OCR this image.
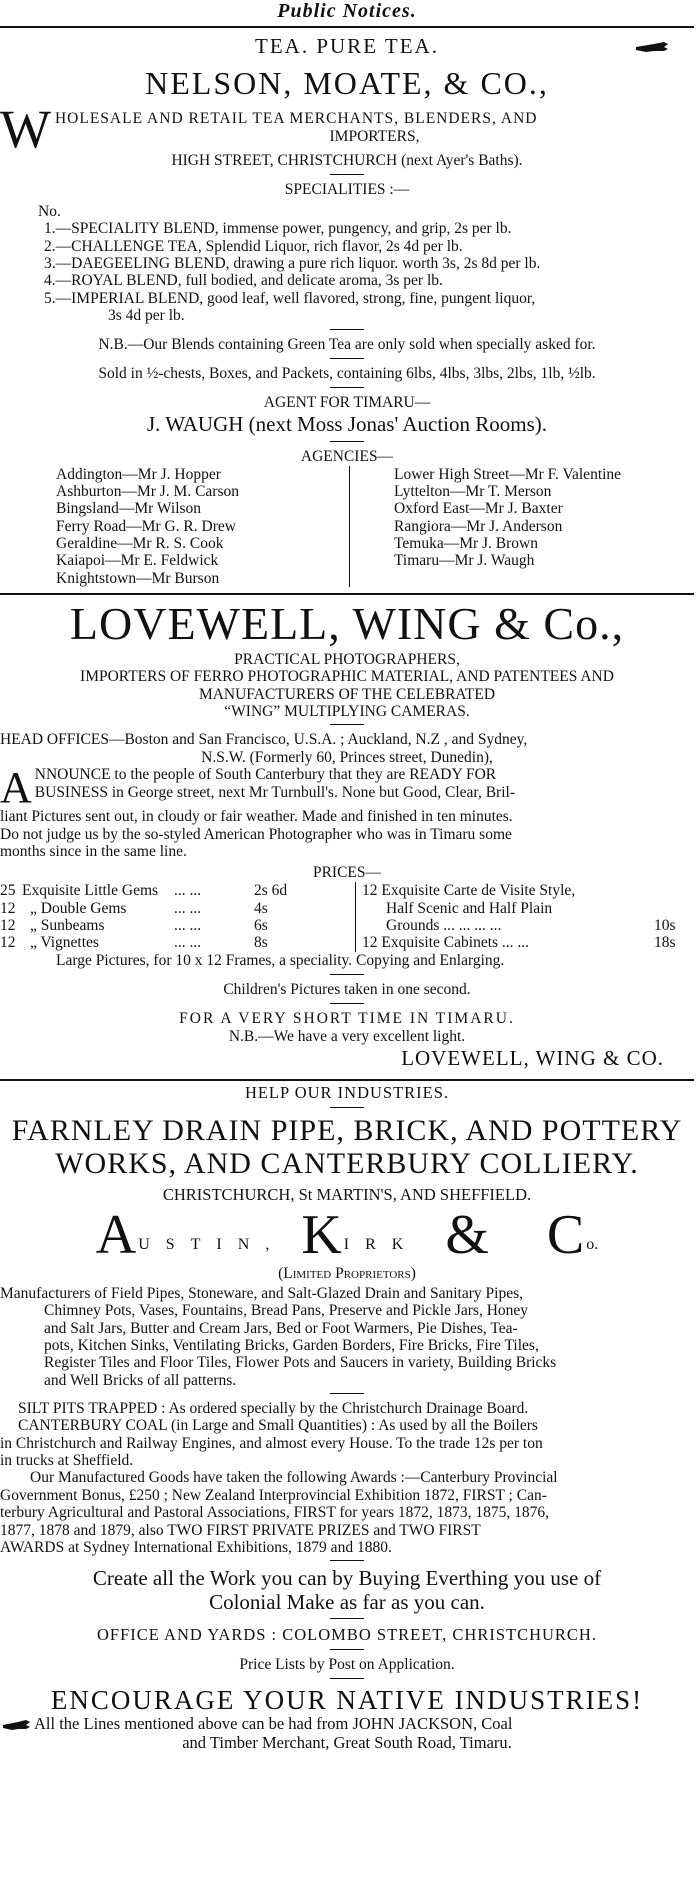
Public Notices.
TEA. PURE TEA.
NELSON, MOATE, & CO.,
W HOLESALE AND RETAIL TEA MERCHANTS, BLENDERS, AND
IMPORTERS,
HIGH STREET, CHRISTCHURCH (next Ayer's Baths).
SPECIALITIES :—
No.
1.—SPECIALITY BLEND, immense power, pungency, and grip, 2s per lb.
2.—CHALLENGE TEA, Splendid Liquor, rich flavor, 2s 4d per lb.
3.—DAEGEELING BLEND, drawing a pure rich liquor. worth 3s, 2s 8d per lb.
4.—ROYAL BLEND, full bodied, and delicate aroma, 3s per lb.
5.—IMPERIAL BLEND, good leaf, well flavored, strong, fine, pungent liquor,
3s 4d per lb.
N.B.—Our Blends containing Green Tea are only sold when specially asked for.
Sold in ½-chests, Boxes, and Packets, containing 6lbs, 4lbs, 3lbs, 2lbs, 1lb, ½lb.
AGENT FOR TIMARU—
J. WAUGH (next Moss Jonas' Auction Rooms).
AGENCIES—
Addington—Mr J. Hopper
Ashburton—Mr J. M. Carson
Bingsland—Mr Wilson
Ferry Road—Mr G. R. Drew
Geraldine—Mr R. S. Cook
Kaiapoi—Mr E. Feldwick
Knightstown—Mr Burson
Lower High Street—Mr F. Valentine
Lyttelton—Mr T. Merson
Oxford East—Mr J. Baxter
Rangiora—Mr J. Anderson
Temuka—Mr J. Brown
Timaru—Mr J. Waugh
LOVEWELL, WING & Co.,
PRACTICAL PHOTOGRAPHERS,
IMPORTERS OF FERRO PHOTOGRAPHIC MATERIAL, AND PATENTEES AND
MANUFACTURERS OF THE CELEBRATED
“WING” MULTIPLYING CAMERAS.
HEAD OFFICES—Boston and San Francisco, U.S.A. ; Auckland, N.Z , and Sydney,
N.S.W. (Formerly 60, Princes street, Dunedin),
A NNOUNCE to the people of South Canterbury that they are READY FOR
BUSINESS in George street, next Mr Turnbull's. None but Good, Clear, Bril-
liant Pictures sent out, in cloudy or fair weather. Made and finished in ten minutes.
Do not judge us by the so-styled American Photographer who was in Timaru some
months since in the same line.
PRICES—
25 Exquisite Little Gems	... ...	2s 6d
12 „ Double Gems	... ...	4s
12 „ Sunbeams	... ...	6s
12 „ Vignettes	... ...	8s
12 Exquisite Carte de Visite Style,
Half Scenic and Half Plain
Grounds ... ... ... ...	10s
12 Exquisite Cabinets ... ...	18s
Large Pictures, for 10 x 12 Frames, a speciality. Copying and Enlarging.
Children's Pictures taken in one second.
FOR A VERY SHORT TIME IN TIMARU.
N.B.—We have a very excellent light.
LOVEWELL, WING & CO.
HELP OUR INDUSTRIES.
FARNLEY DRAIN PIPE, BRICK, AND POTTERY
WORKS, AND CANTERBURY COLLIERY.
CHRISTCHURCH, St MARTIN'S, AND SHEFFIELD.
$A^{USTIN,}$ $K^{IRK}$ & $C^{o.}$
(Limited Proprietors)
Manufacturers of Field Pipes, Stoneware, and Salt-Glazed Drain and Sanitary Pipes,
Chimney Pots, Vases, Fountains, Bread Pans, Preserve and Pickle Jars, Honey
and Salt Jars, Butter and Cream Jars, Bed or Foot Warmers, Pie Dishes, Tea-
pots, Kitchen Sinks, Ventilating Bricks, Garden Borders, Fire Bricks, Fire Tiles,
Register Tiles and Floor Tiles, Flower Pots and Saucers in variety, Building Bricks
and Well Bricks of all patterns.
SILT PITS TRAPPED : As ordered specially by the Christchurch Drainage Board.
CANTERBURY COAL (in Large and Small Quantities) : As used by all the Boilers
in Christchurch and Railway Engines, and almost every House. To the trade 12s per ton
in trucks at Sheffield.
Our Manufactured Goods have taken the following Awards :—Canterbury Provincial
Government Bonus, £250 ; New Zealand Interprovincial Exhibition 1872, FIRST ; Can-
terbury Agricultural and Pastoral Associations, FIRST for years 1872, 1873, 1875, 1876,
1877, 1878 and 1879, also TWO FIRST PRIVATE PRIZES and TWO FIRST
AWARDS at Sydney International Exhibitions, 1879 and 1880.
Create all the Work you can by Buying Everthing you use of
Colonial Make as far as you can.
OFFICE AND YARDS : COLOMBO STREET, CHRISTCHURCH.
Price Lists by Post on Application.
ENCOURAGE YOUR NATIVE INDUSTRIES!
All the Lines mentioned above can be had from JOHN JACKSON, Coal
and Timber Merchant, Great South Road, Timaru.
